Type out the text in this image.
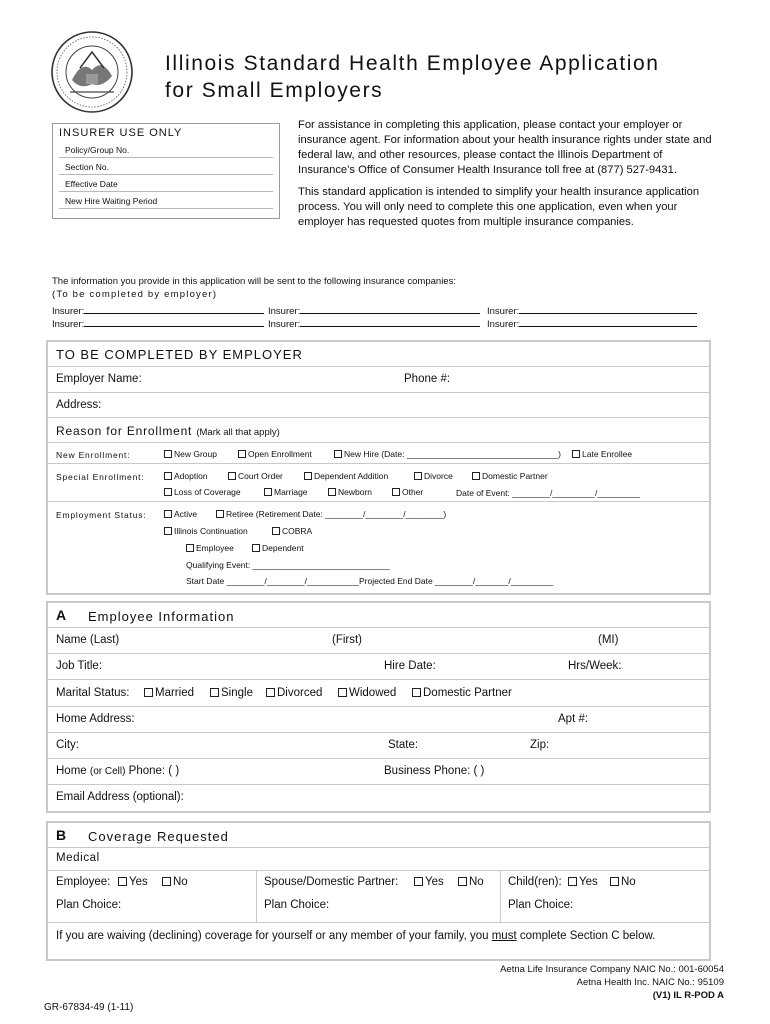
Illinois Standard Health Employee Application
for Small Employers
INSURER USE ONLY
Policy/Group No.
Section No.
Effective Date
New Hire Waiting Period

For assistance in completing this application, please contact your employer or insurance agent. For information about your health insurance rights under state and federal law, and other resources, please contact the Illinois Department of Insurance’s Office of Consumer Health Insurance toll free at (877) 527-9431.

This standard application is intended to simplify your health insurance application process. You will only need to complete this one application, even when your employer has requested quotes from multiple insurance companies.

The information you provide in this application will be sent to the following insurance companies:
(To be completed by employer)
Insurer:	Insurer:	Insurer:
Insurer:	Insurer:	Insurer:
TO BE COMPLETED BY EMPLOYER
Employer Name:	Phone #:
Address:
Reason for Enrollment (Mark all that apply)
New Enrollment:	New Group	Open Enrollment	New Hire (Date: ________________________________)	Late Enrollee
Special Enrollment:	Adoption	Court Order	Dependent Addition	Divorce	Domestic Partner
Loss of Coverage	Marriage	Newborn	Other	Date of Event: ________/_________/_________
Employment Status:	Active	Retiree (Retirement Date: ________/________/________)
Illinois Continuation	COBRA
Employee	Dependent
Qualifying Event: _____________________________
Start Date ________/________/___________Projected End Date ________/_______/_________
A Employee Information
Name (Last)	(First)	(MI)
Job Title:	Hire Date:	Hrs/Week:
Marital Status:	Married	Single	Divorced	Widowed	Domestic Partner
Home Address:	Apt #:
City:	State:	Zip:
Home (or Cell) Phone: ( )	Business Phone: ( )
Email Address (optional):
B Coverage Requested
Medical
Employee:	Yes	No	Spouse/Domestic Partner:	Yes	No Child(ren):	Yes	No
Plan Choice:	Plan Choice:	Plan Choice:
If you are waiving (declining) coverage for yourself or any member of your family, you must complete Section C below.
Aetna Life Insurance Company NAIC No.: 001-60054
Aetna Health Inc. NAIC No.: 95109
(V1) IL R-POD A
GR-67834-49 (1-11)
